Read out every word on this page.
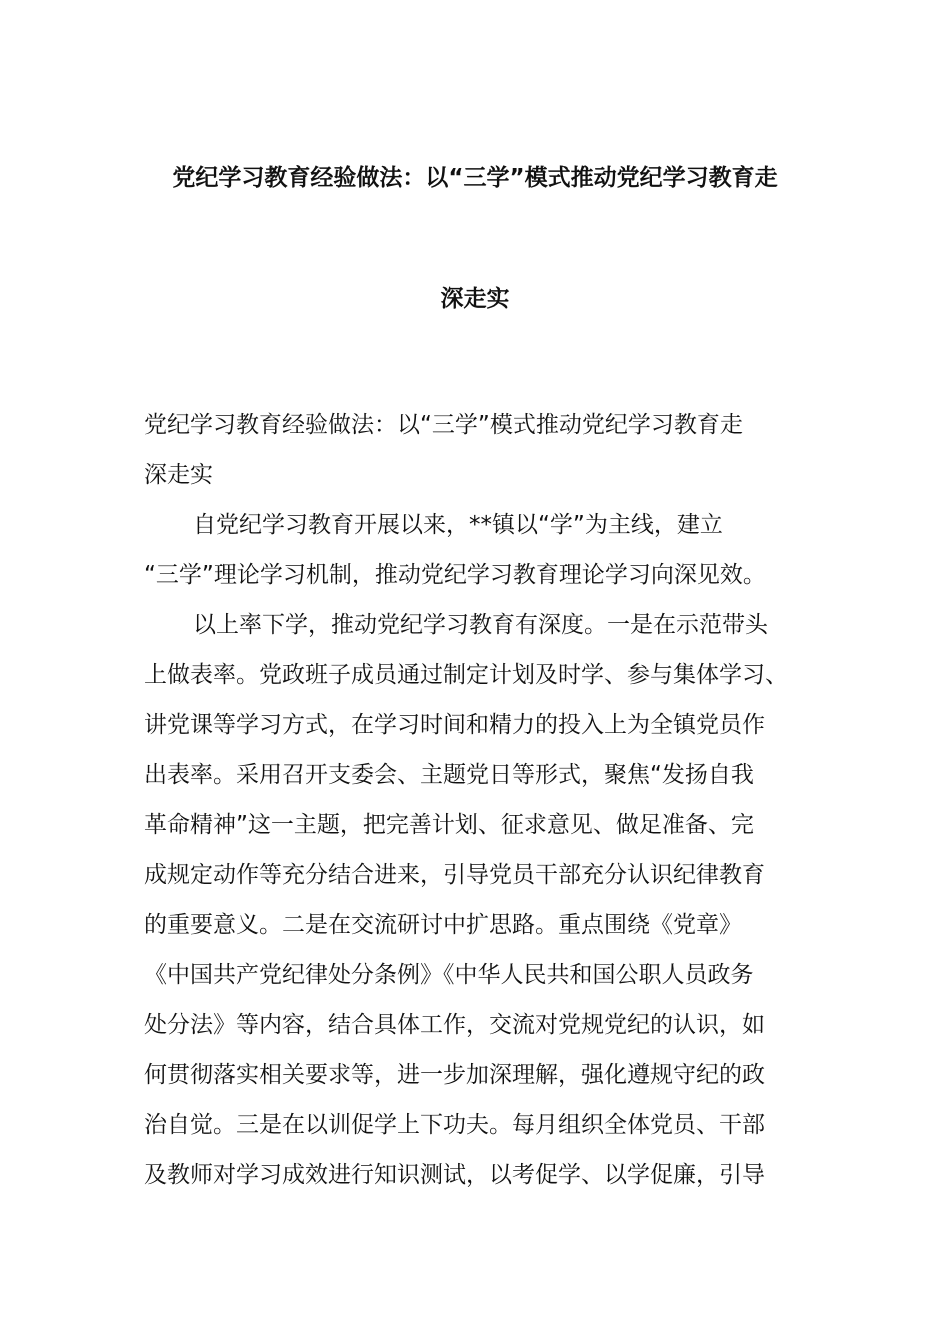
党纪学习教育经验做法：以“三学”模式推动党纪学习教育走
深走实
党纪学习教育经验做法：以“三学”模式推动党纪学习教育走
深走实
自党纪学习教育开展以来，**镇以“学”为主线，建立
“三学”理论学习机制，推动党纪学习教育理论学习向深见效。
以上率下学，推动党纪学习教育有深度。一是在示范带头
上做表率。党政班子成员通过制定计划及时学、参与集体学习、
讲党课等学习方式，在学习时间和精力的投入上为全镇党员作
出表率。采用召开支委会、主题党日等形式，聚焦“发扬自我
革命精神”这一主题，把完善计划、征求意见、做足准备、完
成规定动作等充分结合进来，引导党员干部充分认识纪律教育
的重要意义。二是在交流研讨中扩思路。重点围绕《党章》
《中国共产党纪律处分条例》《中华人民共和国公职人员政务
处分法》等内容，结合具体工作，交流对党规党纪的认识，如
何贯彻落实相关要求等，进一步加深理解，强化遵规守纪的政
治自觉。三是在以训促学上下功夫。每月组织全体党员、干部
及教师对学习成效进行知识测试，以考促学、以学促廉，引导
